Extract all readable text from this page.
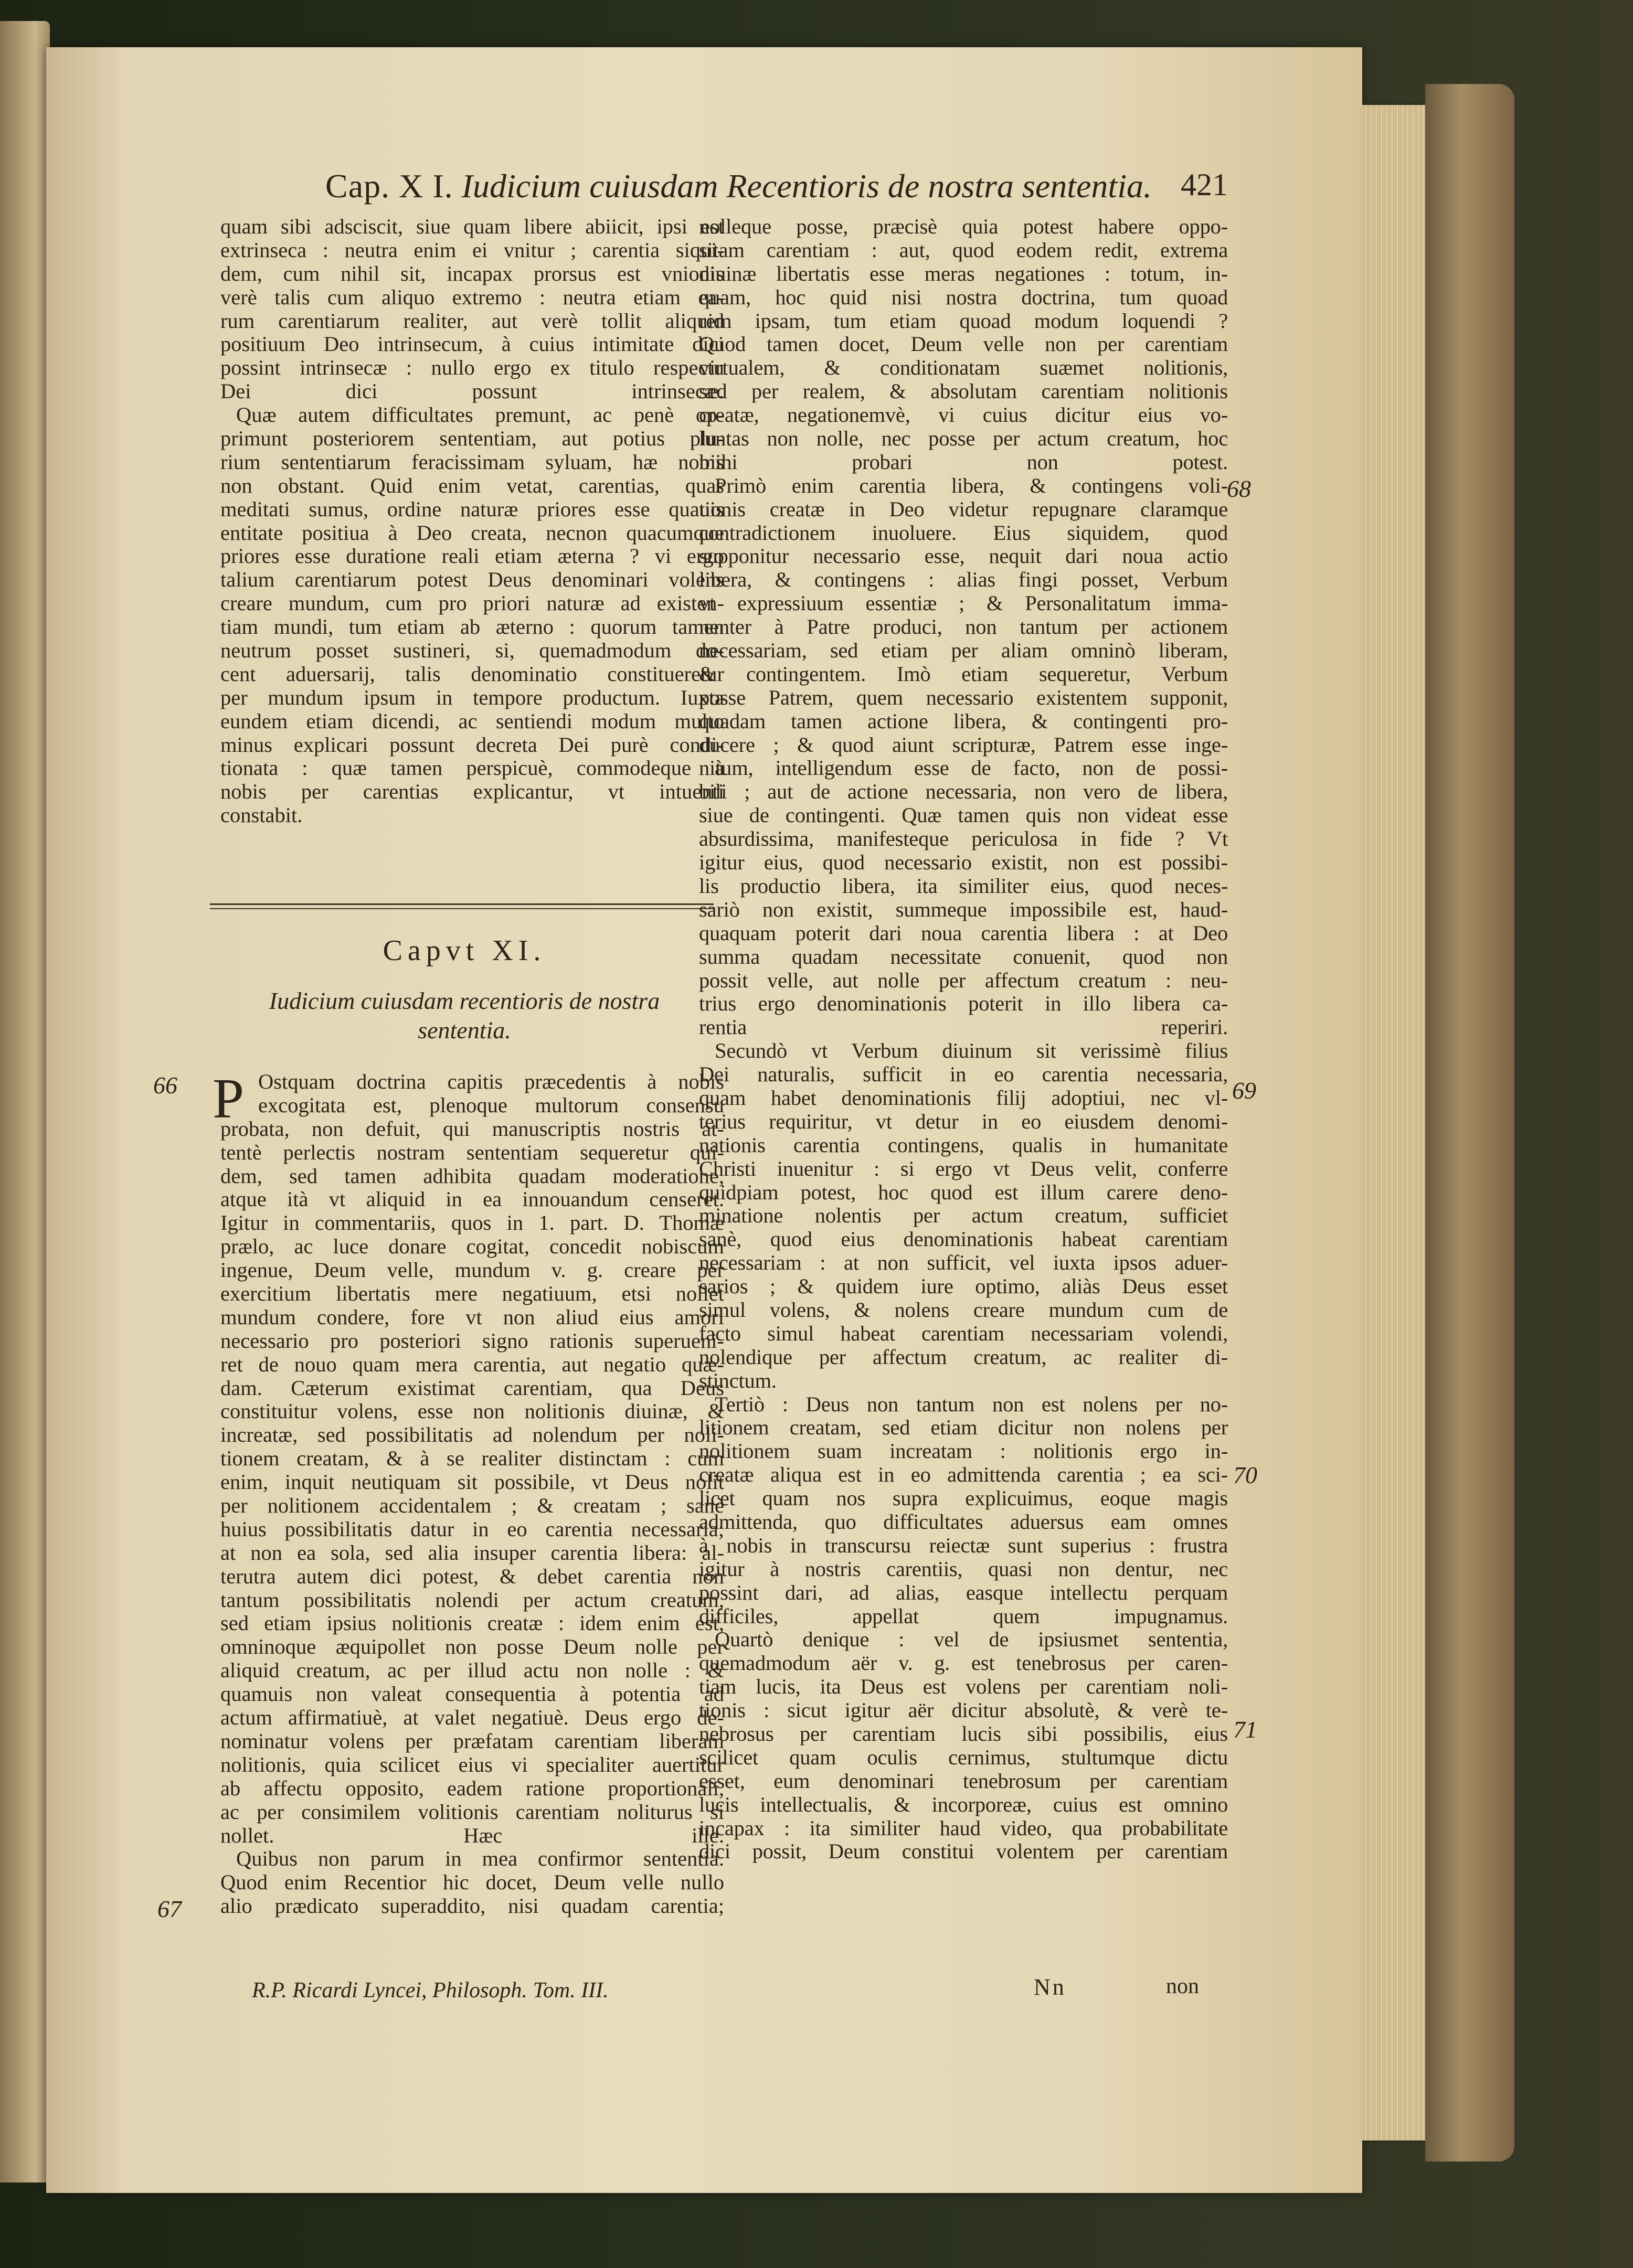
Cap. X I. Iudicium cuiusdam Recentioris de nostra sententia. 421
quam sibi adsciscit, siue quam libere abiicit, ipsi est
extrinseca : neutra enim ei vnitur ; carentia siqui-
dem, cum nihil sit, incapax prorsus est vnionis
verè talis cum aliquo extremo : neutra etiam ea-
rum carentiarum realiter, aut verè tollit aliquid
positiuum Deo intrinsecum, à cuius intimitate dici
possint intrinsecæ : nullo ergo ex titulo respectu
Dei dici possunt intrinsecæ.
Quæ autem difficultates premunt, ac penè op-
primunt posteriorem sententiam, aut potius plu-
rium sententiarum feracissimam syluam, hæ nobis
non obstant. Quid enim vetat, carentias, quas
meditati sumus, ordine naturæ priores esse quauis
entitate positiua à Deo creata, necnon quacumque
priores esse duratione reali etiam æterna ? vi ergo
talium carentiarum potest Deus denominari volens
creare mundum, cum pro priori naturæ ad existen-
tiam mundi, tum etiam ab æterno : quorum tamen
neutrum posset sustineri, si, quemadmodum do-
cent aduersarij, talis denominatio constitueretur
per mundum ipsum in tempore productum. Iuxta
eundem etiam dicendi, ac sentiendi modum multo
minus explicari possunt decreta Dei purè condi-
tionata : quæ tamen perspicuè, commodeque à
nobis per carentias explicantur, vt intuenti
constabit.
Capvt XI.
Iudicium cuiusdam recentioris de nostra
sententia.
P Ostquam doctrina capitis præcedentis à nobis
excogitata est, plenoque multorum consensu
probata, non defuit, qui manuscriptis nostris at-
tentè perlectis nostram sententiam sequeretur qui-
dem, sed tamen adhibita quadam moderatione,
atque ità vt aliquid in ea innouandum censeret.
Igitur in commentariis, quos in 1. part. D. Thomæ
prælo, ac luce donare cogitat, concedit nobiscum
ingenue, Deum velle, mundum v. g. creare per
exercitium libertatis mere negatiuum, etsi nollet
mundum condere, fore vt non aliud eius amori
necessario pro posteriori signo rationis superueni-
ret de nouo quam mera carentia, aut negatio quæ-
dam. Cæterum existimat carentiam, qua Deus
constituitur volens, esse non nolitionis diuinæ, &
increatæ, sed possibilitatis ad nolendum per noli-
tionem creatam, & à se realiter distinctam : cum
enim, inquit neutiquam sit possibile, vt Deus nolit
per nolitionem accidentalem ; & creatam ; sanè
huius possibilitatis datur in eo carentia necessaria;
at non ea sola, sed alia insuper carentia libera: al-
terutra autem dici potest, & debet carentia non
tantum possibilitatis nolendi per actum creatum,
sed etiam ipsius nolitionis creatæ : idem enim est,
omninoque æquipollet non posse Deum nolle per
aliquid creatum, ac per illud actu non nolle : &
quamuis non valeat consequentia à potentia ad
actum affirmatiuè, at valet negatiuè. Deus ergo de-
nominatur volens per præfatam carentiam liberam
nolitionis, quia scilicet eius vi specialiter auertitur
ab affectu opposito, eadem ratione proportionali,
ac per consimilem volitionis carentiam noliturus si
nollet. Hæc ille.
Quibus non parum in mea confirmor sententia.
Quod enim Recentior hic docet, Deum velle nullo
alio prædicato superaddito, nisi quadam carentia;
nolleque posse, præcisè quia potest habere oppo-
sitam carentiam : aut, quod eodem redit, extrema
diuinæ libertatis esse meras negationes : totum, in-
quam, hoc quid nisi nostra doctrina, tum quoad
rem ipsam, tum etiam quoad modum loquendi ?
Quod tamen docet, Deum velle non per carentiam
virtualem, & conditionatam suæmet nolitionis,
sed per realem, & absolutam carentiam nolitionis
creatæ, negationemvè, vi cuius dicitur eius vo-
luntas non nolle, nec posse per actum creatum, hoc
mihi probari non potest.
Primò enim carentia libera, & contingens voli-
tionis creatæ in Deo videtur repugnare claramque
contradictionem inuoluere. Eius siquidem, quod
supponitur necessario esse, nequit dari noua actio
libera, & contingens : alias fingi posset, Verbum
vt expressiuum essentiæ ; & Personalitatum imma-
nenter à Patre produci, non tantum per actionem
necessariam, sed etiam per aliam omninò liberam,
& contingentem. Imò etiam sequeretur, Verbum
posse Patrem, quem necessario existentem supponit,
quadam tamen actione libera, & contingenti pro-
ducere ; & quod aiunt scripturæ, Patrem esse inge-
nitum, intelligendum esse de facto, non de possi-
bili ; aut de actione necessaria, non vero de libera,
siue de contingenti. Quæ tamen quis non videat esse
absurdissima, manifesteque periculosa in fide ? Vt
igitur eius, quod necessario existit, non est possibi-
lis productio libera, ita similiter eius, quod neces-
sariò non existit, summeque impossibile est, haud-
quaquam poterit dari noua carentia libera : at Deo
summa quadam necessitate conuenit, quod non
possit velle, aut nolle per affectum creatum : neu-
trius ergo denominationis poterit in illo libera ca-
rentia reperiri.
Secundò vt Verbum diuinum sit verissimè filius
Dei naturalis, sufficit in eo carentia necessaria,
quam habet denominationis filij adoptiui, nec vl-
terius requiritur, vt detur in eo eiusdem denomi-
nationis carentia contingens, qualis in humanitate
Christi inuenitur : si ergo vt Deus velit, conferre
quidpiam potest, hoc quod est illum carere deno-
minatione nolentis per actum creatum, sufficiet
sanè, quod eius denominationis habeat carentiam
necessariam : at non sufficit, vel iuxta ipsos aduer-
sarios ; & quidem iure optimo, aliàs Deus esset
simul volens, & nolens creare mundum cum de
facto simul habeat carentiam necessariam volendi,
nolendique per affectum creatum, ac realiter di-
stinctum.
Tertiò : Deus non tantum non est nolens per no-
litionem creatam, sed etiam dicitur non nolens per
nolitionem suam increatam : nolitionis ergo in-
creatæ aliqua est in eo admittenda carentia ; ea sci-
licet quam nos supra explicuimus, eoque magis
admittenda, quo difficultates aduersus eam omnes
à nobis in transcursu reiectæ sunt superius : frustra
igitur à nostris carentiis, quasi non dentur, nec
possint dari, ad alias, easque intellectu perquam
difficiles, appellat quem impugnamus.
Quartò denique : vel de ipsiusmet sententia,
quemadmodum aër v. g. est tenebrosus per caren-
tiam lucis, ita Deus est volens per carentiam noli-
tionis : sicut igitur aër dicitur absolutè, & verè te-
nebrosus per carentiam lucis sibi possibilis, eius
scilicet quam oculis cernimus, stultumque dictu
esset, eum denominari tenebrosum per carentiam
lucis intellectualis, & incorporeæ, cuius est omnino
incapax : ita similiter haud video, qua probabilitate
dici possit, Deum constitui volentem per carentiam
66
67
68
69
70
71
R.P. Ricardi Lyncei, Philosoph. Tom. III.	Nn	non
